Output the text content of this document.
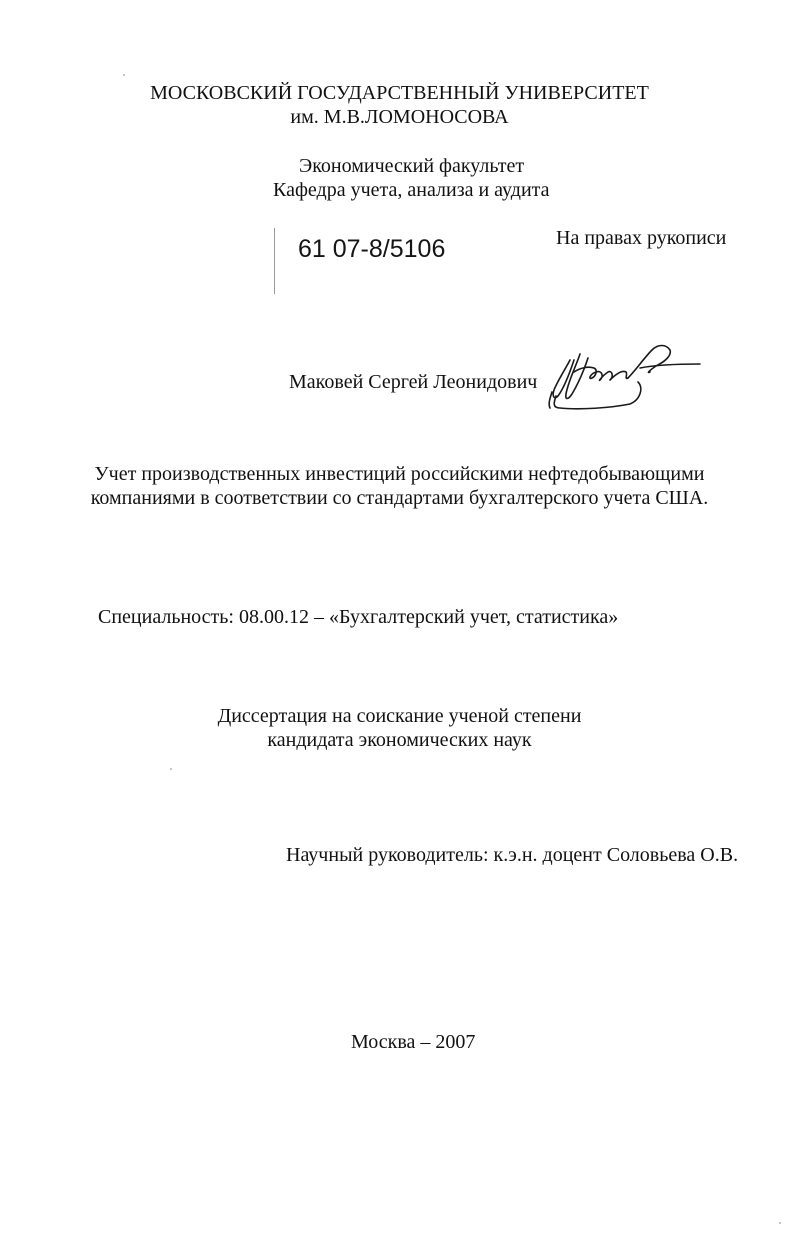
МОСКОВСКИЙ ГОСУДАРСТВЕННЫЙ УНИВЕРСИТЕТ
им. М.В.ЛОМОНОСОВА
Экономический факультет
Кафедра учета, анализа и аудита
61 07-8/5106	На правах рукописи
Маковей Сергей Леонидович
Учет производственных инвестиций российскими нефтедобывающими
компаниями в соответствии со стандартами бухгалтерского учета США.
Специальность: 08.00.12 – «Бухгалтерский учет, статистика»
Диссертация на соискание ученой степени
кандидата экономических наук
Научный руководитель: к.э.н. доцент Соловьева О.В.
Москва – 2007
